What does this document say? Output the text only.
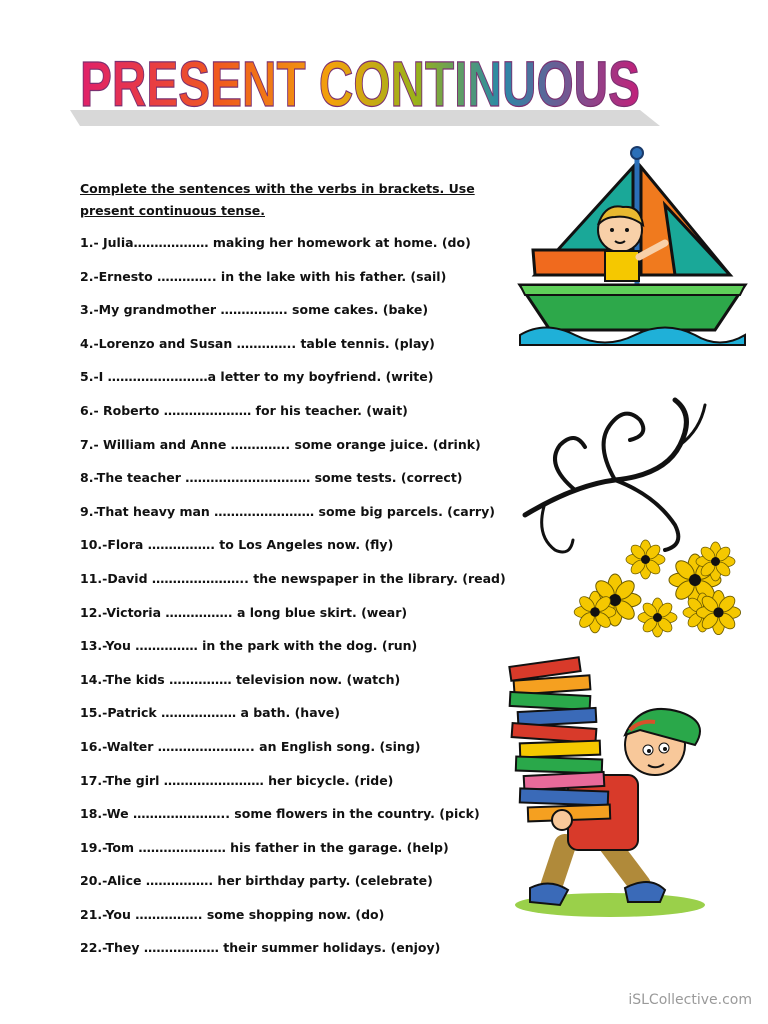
PRESENT CONTINUOUS
Complete the sentences with the verbs in brackets. Use present continuous tense.
1.- Julia……………… making her homework at home. (do)
2.-Ernesto ………….. in the lake with his father. (sail)
3.-My grandmother ……………. some cakes. (bake)
4.-Lorenzo and Susan ………….. table tennis. (play)
5.-I ……………………a letter to my boyfriend. (write)
6.- Roberto ………………… for his teacher. (wait)
7.- William and Anne ………….. some orange juice. (drink)
8.-The teacher ………………………… some tests. (correct)
9.-That heavy man …………………… some big parcels. (carry)
10.-Flora ……………. to Los Angeles now. (fly)
11.-David ………………….. the newspaper in the library. (read)
12.-Victoria ……………. a long blue skirt. (wear)
13.-You …………… in the park with the dog. (run)
14.-The kids …………… television now. (watch)
15.-Patrick ……………… a bath. (have)
16.-Walter ………………….. an English song. (sing)
17.-The girl …………………… her bicycle. (ride)
18.-We ………………….. some flowers in the country. (pick)
19.-Tom ………………… his father in the garage. (help)
20.-Alice ……………. her birthday party. (celebrate)
21.-You ……………. some shopping now. (do)
22.-They ……………… their summer holidays. (enjoy)
iSLCollective.com
